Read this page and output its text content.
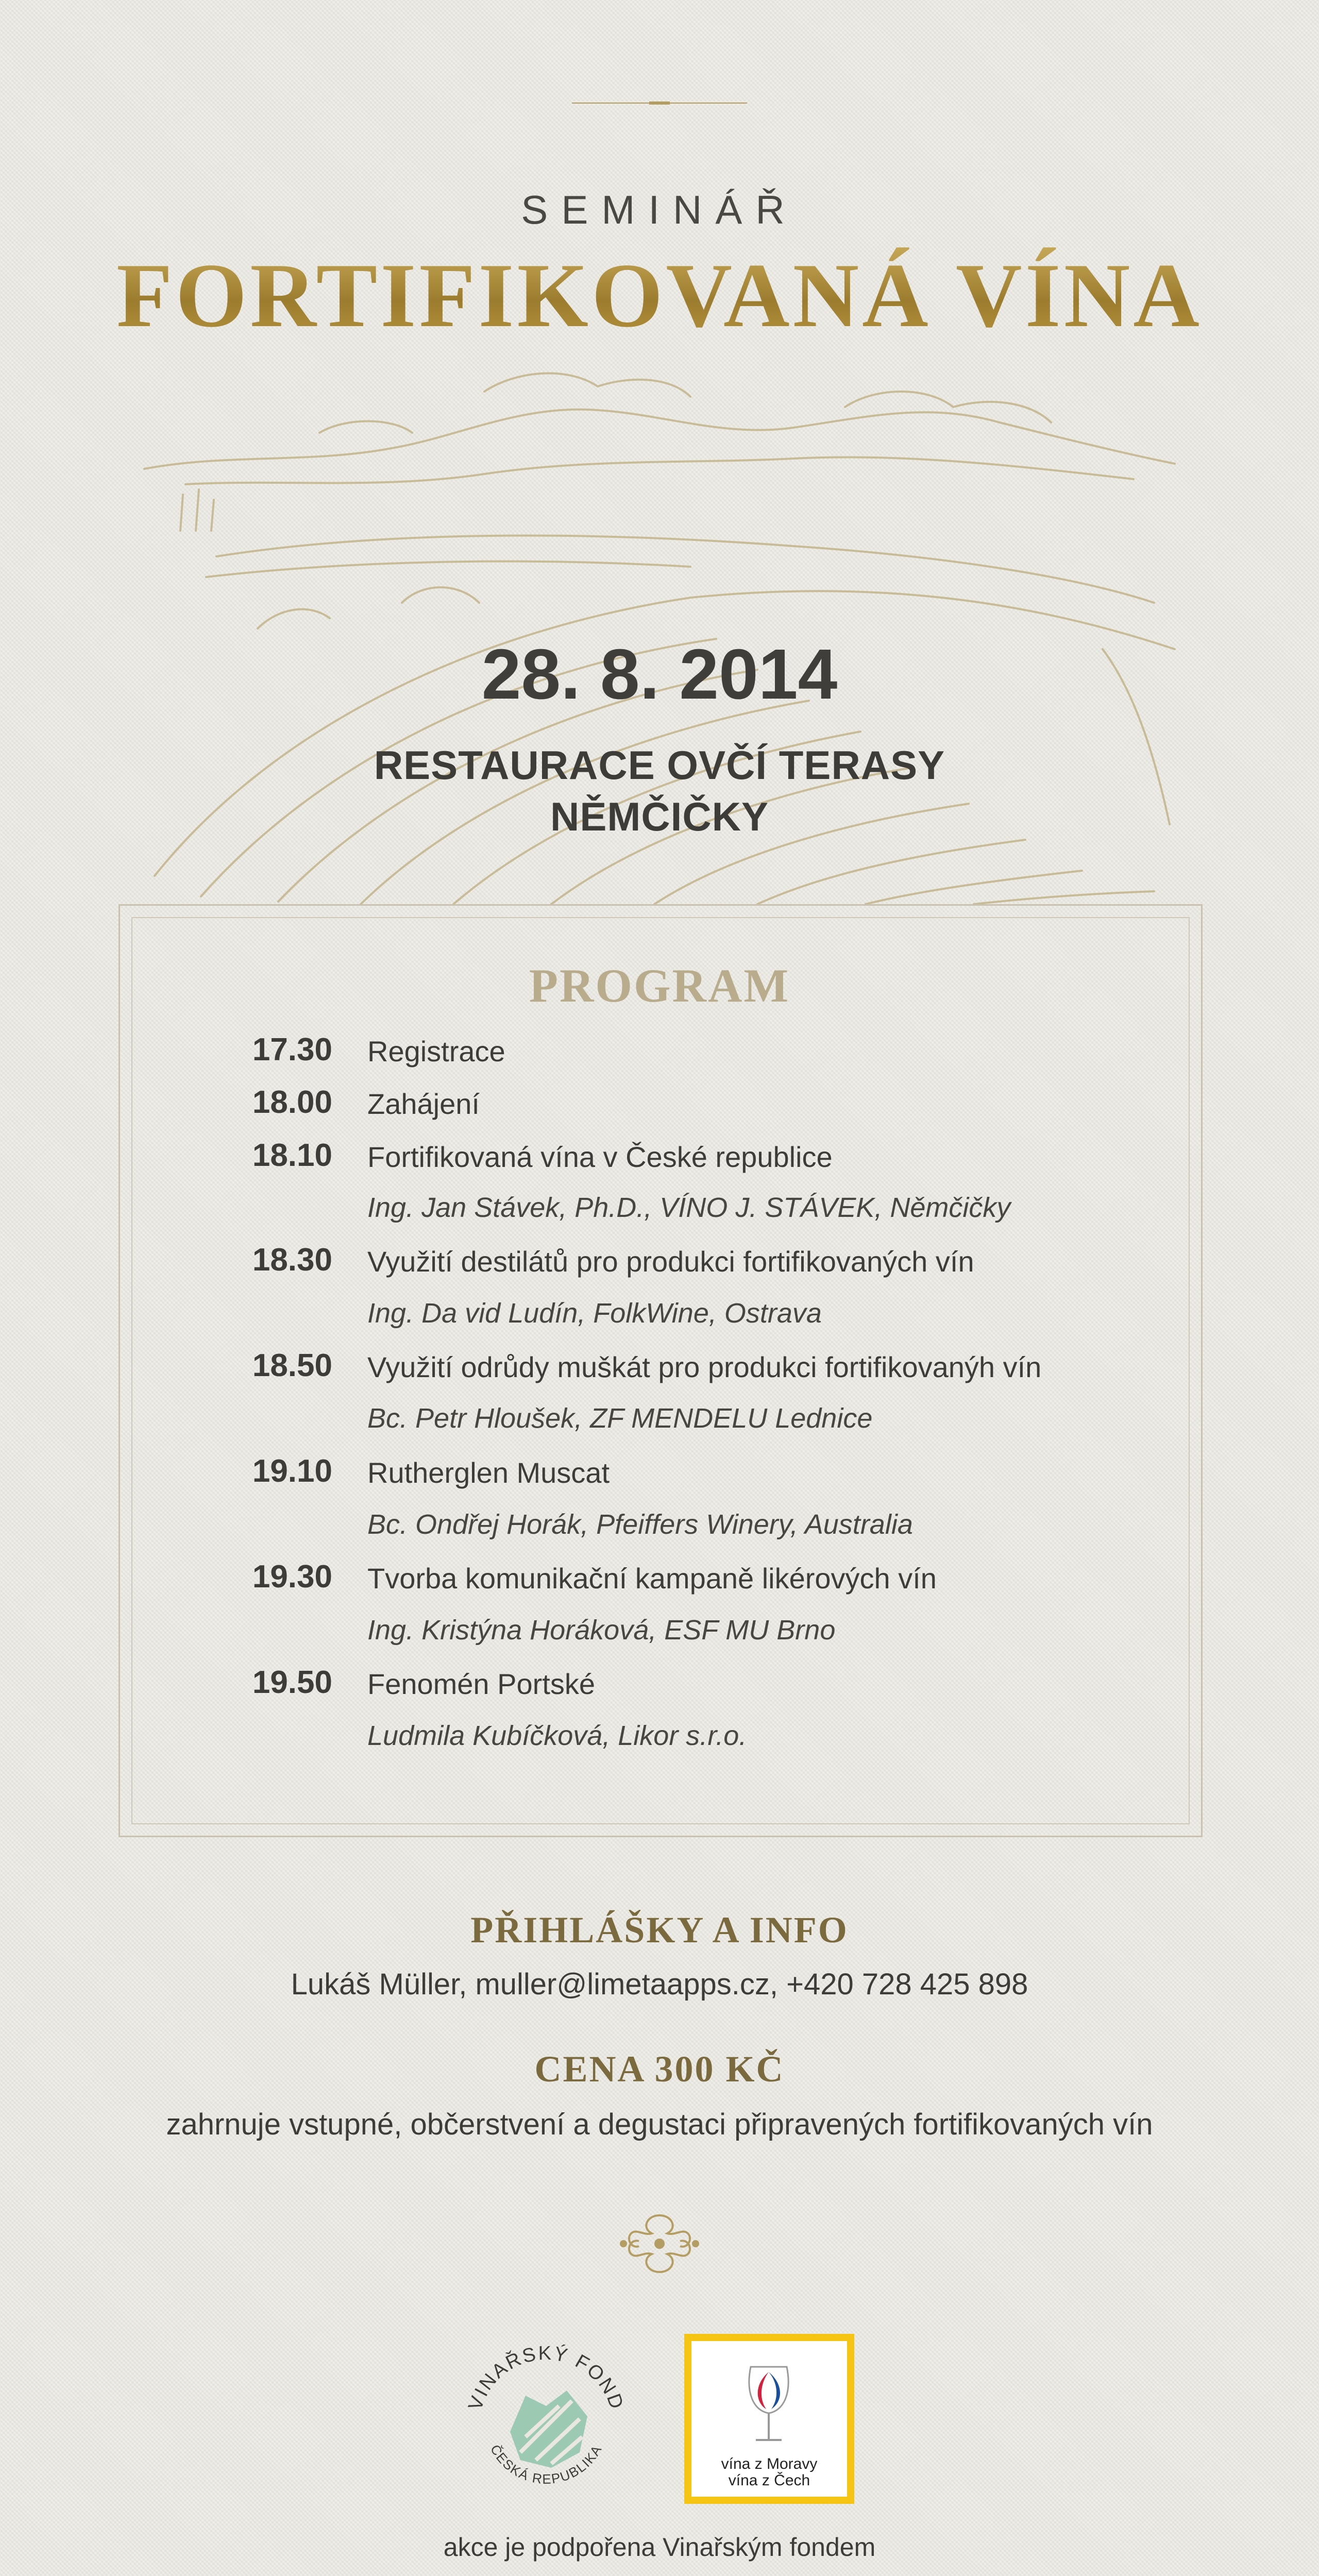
SEMINÁŘ
FORTIFIKOVANÁ VÍNA
28. 8. 2014
RESTAURACE OVČÍ TERASY
NĚMČIČKY
PROGRAM
17.30 Registrace
18.00 Zahájení
18.10 Fortifikovaná vína v České republice
Ing. Jan Stávek, Ph.D., VÍNO J. STÁVEK, Němčičky
18.30 Využití destilátů pro produkci fortifikovaných vín
Ing. Da vid Ludín, FolkWine, Ostrava
18.50 Využití odrůdy muškát pro produkci fortifikovanýh vín
Bc. Petr Hloušek, ZF MENDELU Lednice
19.10 Rutherglen Muscat
Bc. Ondřej Horák, Pfeiffers Winery, Australia
19.30 Tvorba komunikační kampaně likérových vín
Ing. Kristýna Horáková, ESF MU Brno
19.50 Fenomén Portské
Ludmila Kubíčková, Likor s.r.o.
PŘIHLÁŠKY A INFO
Lukáš Müller, muller@limetaapps.cz, +420 728 425 898
CENA 300 KČ
zahrnuje vstupné, občerstvení a degustaci připravených fortifikovaných vín
VINAŘSKÝ FOND
ČESKÁ REPUBLIKA
vína z Moravy
vína z Čech
akce je podpořena Vinařským fondem
